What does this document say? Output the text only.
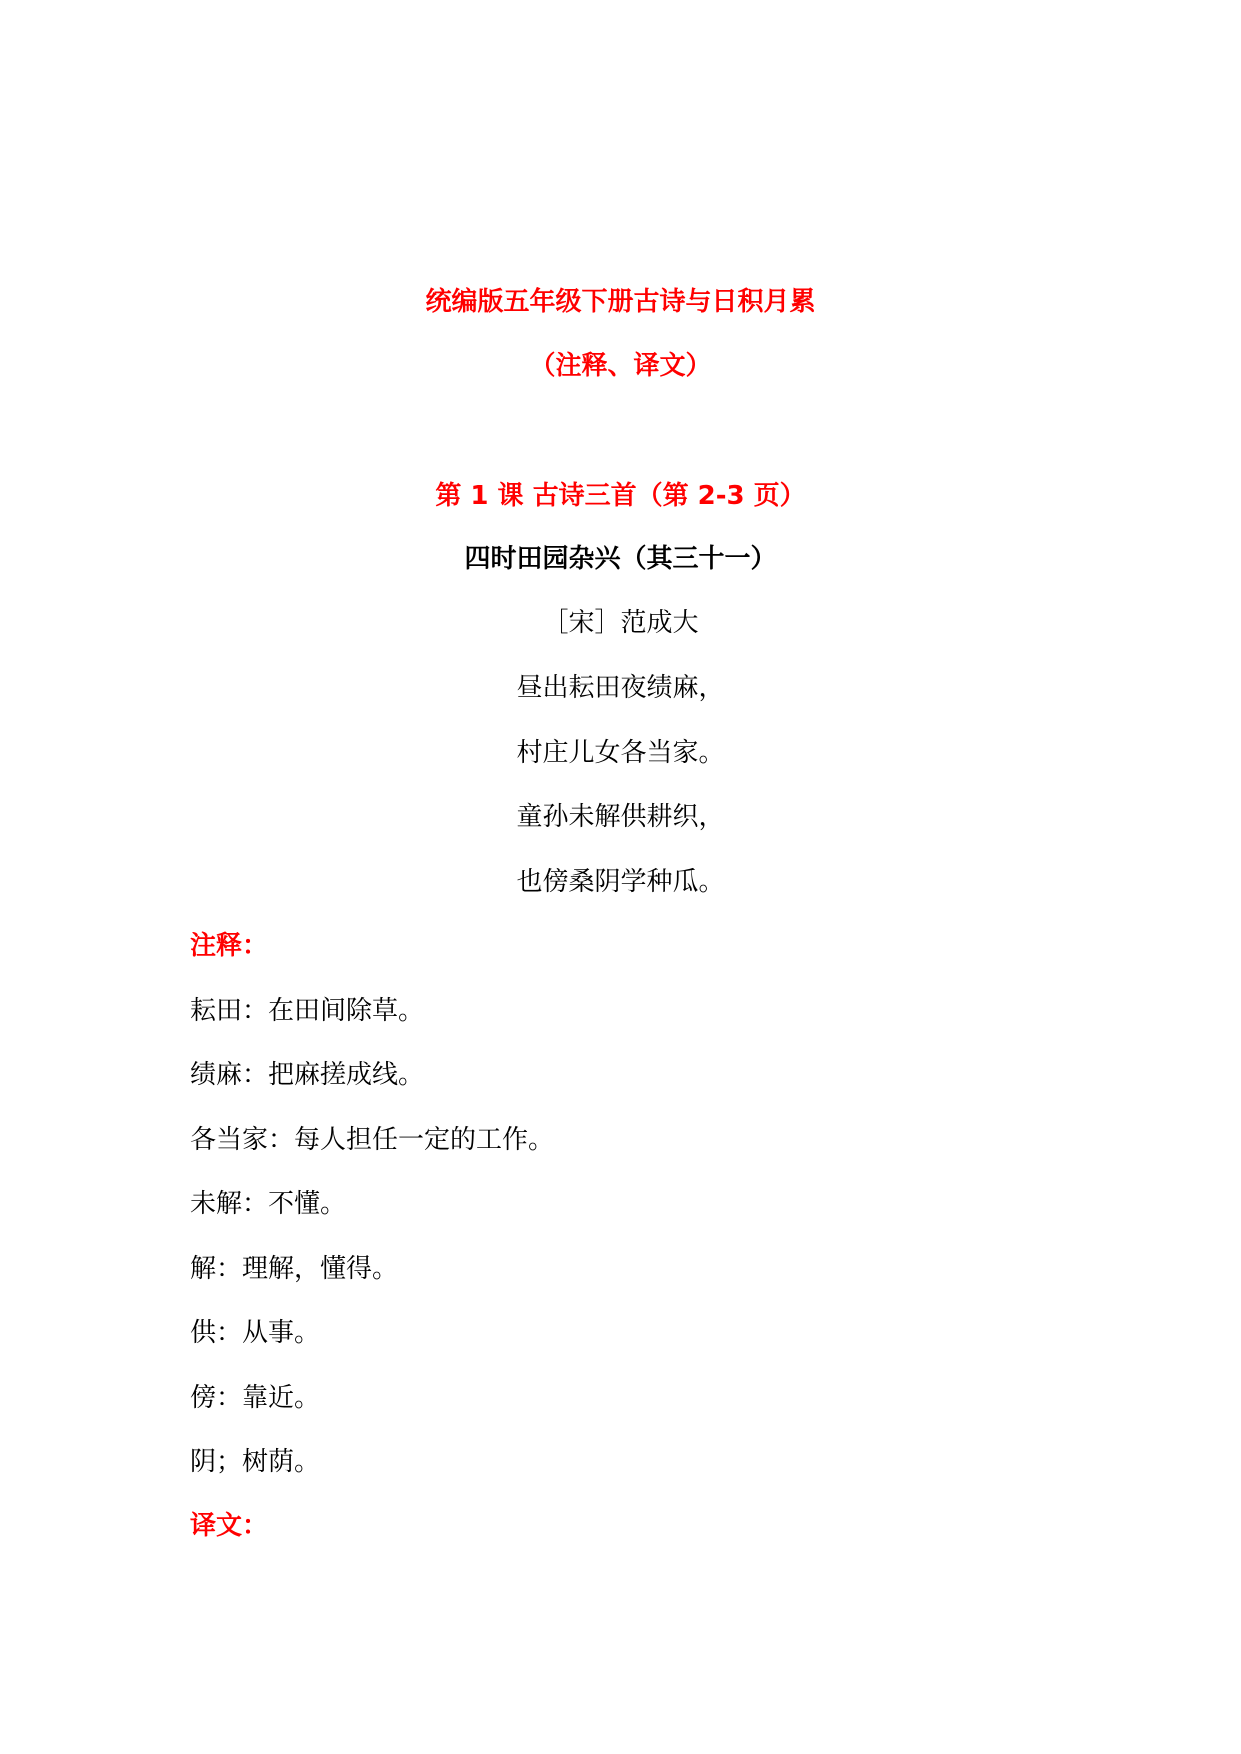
统编版五年级下册古诗与日积月累
（注释、译文）
第 1 课 古诗三首（第 2-3 页）
四时田园杂兴（其三十一）
［宋］范成大
昼出耘田夜绩麻，
村庄儿女各当家。
童孙未解供耕织，
也傍桑阴学种瓜。
注释：
耘田：在田间除草。
绩麻：把麻搓成线。
各当家：每人担任一定的工作。
未解：不懂。
解：理解，懂得。
供：从事。
傍：靠近。
阴；树荫。
译文：
